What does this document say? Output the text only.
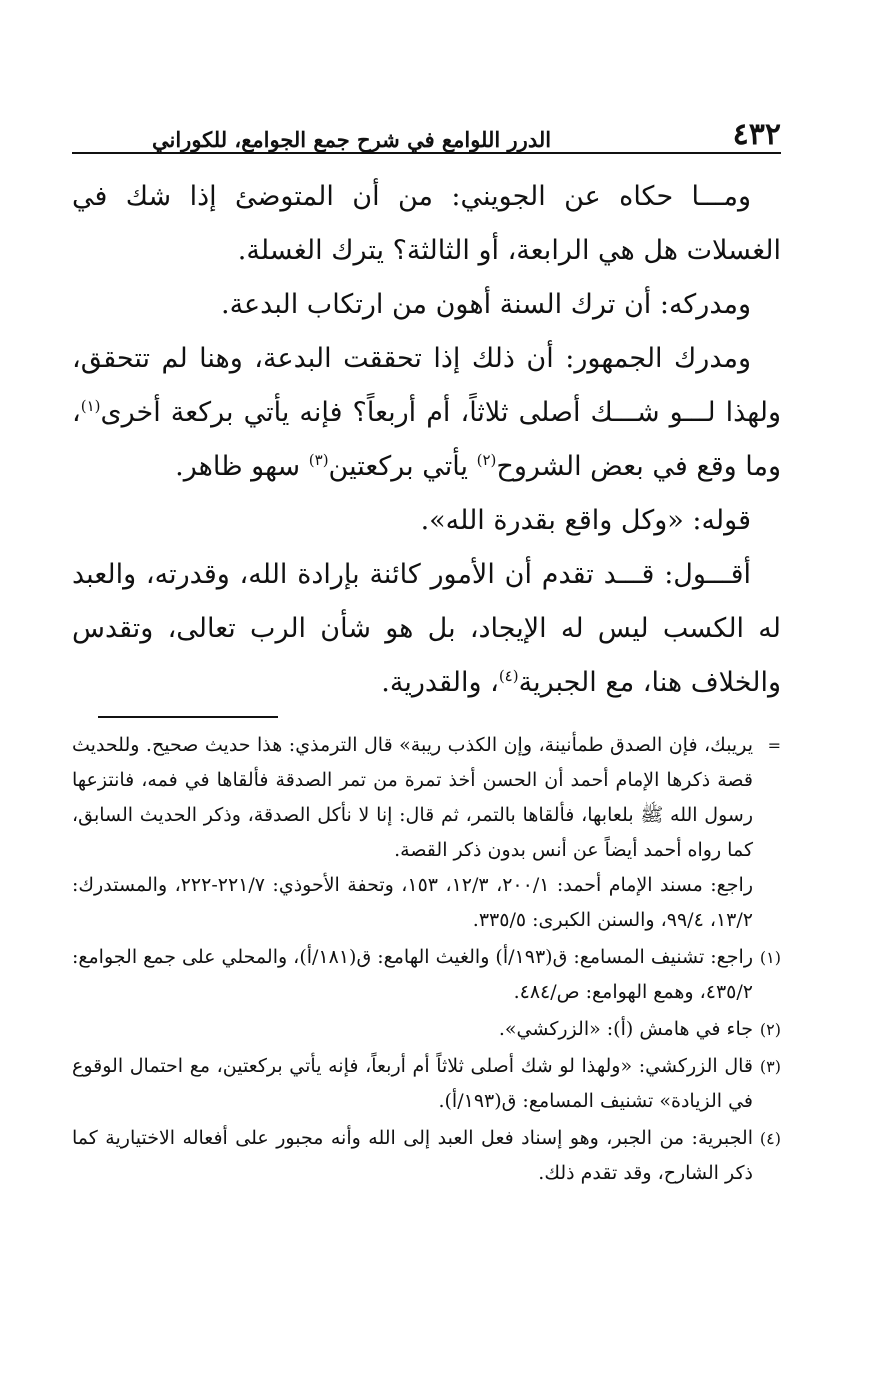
٤٣٢
الدرر اللوامع في شرح جمع الجوامع، للكوراني

ومـــا حكاه عن الجويني: من أن المتوضئ إذا شك في الغسلات هل هي الرابعة، أو الثالثة؟ يترك الغسلة.

ومدركه: أن ترك السنة أهون من ارتكاب البدعة.

ومدرك الجمهور: أن ذلك إذا تحققت البدعة، وهنا لم تتحقق، ولهذا لـــو شـــك أصلى ثلاثاً، أم أربعاً؟ فإنه يأتي بركعة أخرى$^{(١)}$، وما وقع في بعض الشروح$^{(٢)}$ يأتي بركعتين$^{(٣)}$ سهو ظاهر.

قوله: «وكل واقع بقدرة الله».

أقـــول: قـــد تقدم أن الأمور كائنة بإرادة الله، وقدرته، والعبد له الكسب ليس له الإيجاد، بل هو شأن الرب تعالى، وتقدس والخلاف هنا، مع الجبرية$^{(٤)}$، والقدرية.

=
يريبك، فإن الصدق طمأنينة، وإن الكذب ريبة» قال الترمذي: هذا حديث صحيح. وللحديث قصة ذكرها الإمام أحمد أن الحسن أخذ تمرة من تمر الصدقة فألقاها في فمه، فانتزعها رسول الله ﷺ بلعابها، فألقاها بالتمر، ثم قال: إنا لا نأكل الصدقة، وذكر الحديث السابق، كما رواه أحمد أيضاً عن أنس بدون ذكر القصة.
راجع: مسند الإمام أحمد: ٢٠٠/١، ١٢/٣، ١٥٣، وتحفة الأحوذي: ٢٢١/٧-٢٢٢، والمستدرك: ١٣/٢، ٩٩/٤، والسنن الكبرى: ٣٣٥/٥.
(١)
راجع: تشنيف المسامع: ق(١٩٣/أ) والغيث الهامع: ق(١٨١/أ)، والمحلي على جمع الجوامع: ٤٣٥/٢، وهمع الهوامع: ص/٤٨٤.
(٢)
جاء في هامش (أ): «الزركشي».
(٣)
قال الزركشي: «ولهذا لو شك أصلى ثلاثاً أم أربعاً، فإنه يأتي بركعتين، مع احتمال الوقوع في الزيادة» تشنيف المسامع: ق(١٩٣/أ).
(٤)
الجبرية: من الجبر، وهو إسناد فعل العبد إلى الله وأنه مجبور على أفعاله الاختيارية كما ذكر الشارح، وقد تقدم ذلك.
